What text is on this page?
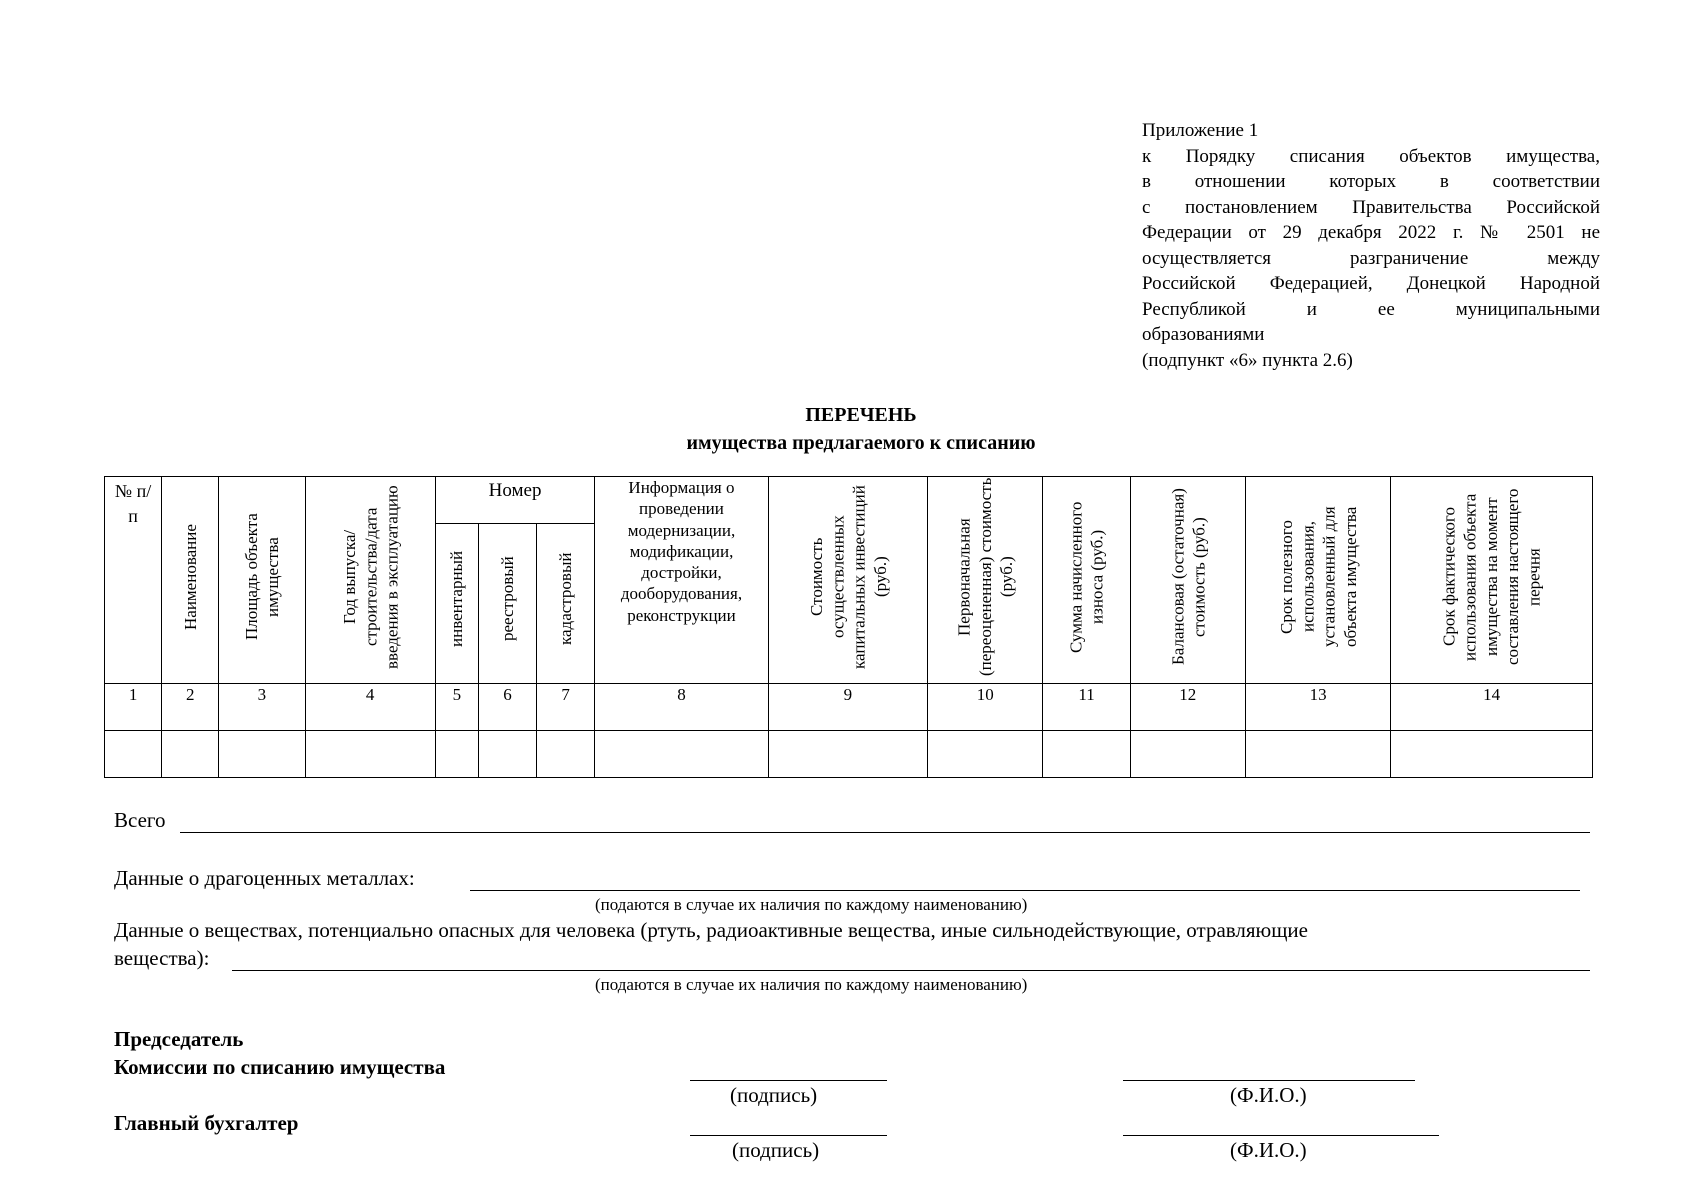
Приложение 1
к Порядку списания объектов имущества,
в отношении которых в соответствии
с постановлением Правительства Российской
Федерации от 29 декабря 2022 г. № 2501 не
осуществляется разграничение между
Российской Федерацией, Донецкой Народной
Республикой и ее муниципальными
образованиями
(подпункт «6» пункта 2.6)
ПЕРЕЧЕНЬ
имущества предлагаемого к списанию
№ п/п	Наименование	Площадь объекта имущества	Год выпуска/строительства/дата введения в эксплуатацию	Номер			Информация о проведении модернизации, модификации, достройки, дооборудования, реконструкции	Стоимость осуществленных капитальных инвестиций (руб.)	Первоначальная (переоцененная) стоимость (руб.)	Сумма начисленного износа (руб.)	Балансовая (остаточная) стоимость (руб.)	Срок полезного использования, установленный для объекта имущества	Срок фактического использования объекта имущества на момент составления настоящего перечня

инвентарный	реестровый	кадастровый							

1	2	3	4	5	6	7	8	9	10	11	12	13	14

Всего
Данные о драгоценных металлах:
(подаются в случае их наличия по каждому наименованию)
Данные о веществах, потенциально опасных для человека (ртуть, радиоактивные вещества, иные сильнодействующие, отравляющие
вещества):
(подаются в случае их наличия по каждому наименованию)
Председатель
Комиссии по списанию имущества
(подпись)	(Ф.И.О.)
Главный бухгалтер
(подпись)	(Ф.И.О.)
